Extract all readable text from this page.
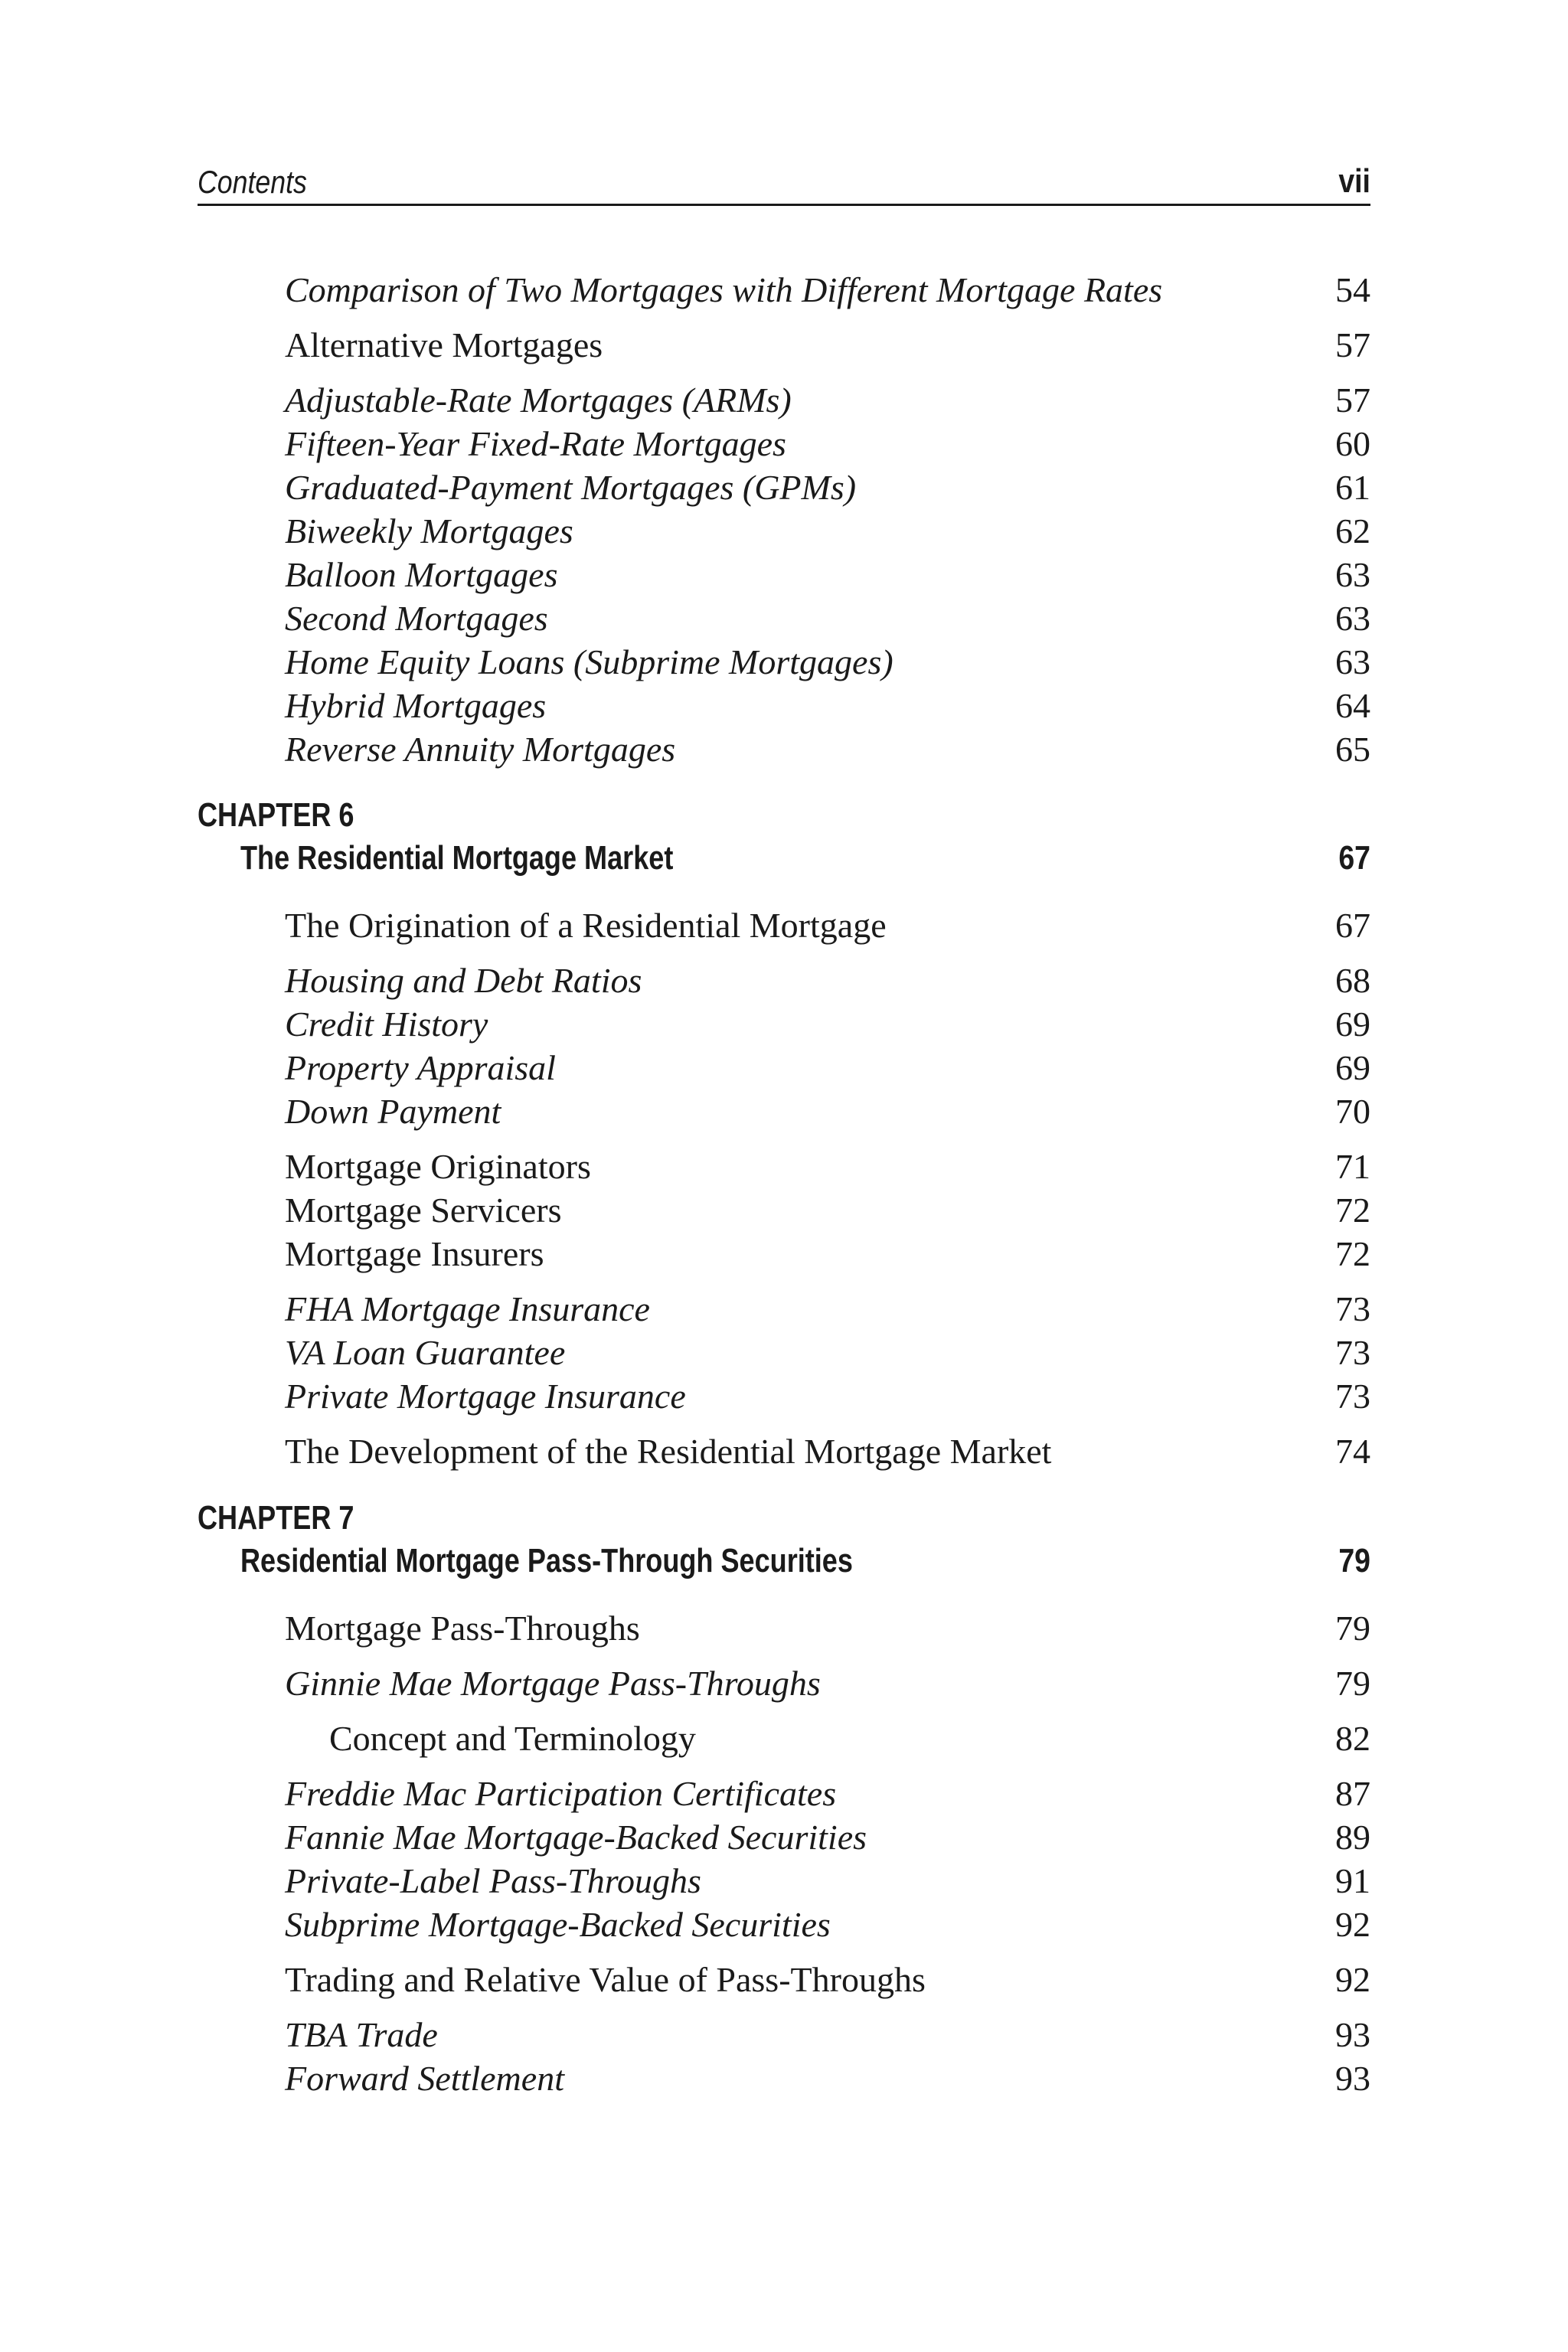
Contents	vii
Comparison of Two Mortgages with Different Mortgage Rates	54
Alternative Mortgages	57
Adjustable-Rate Mortgages (ARMs)	57
Fifteen-Year Fixed-Rate Mortgages	60
Graduated-Payment Mortgages (GPMs)	61
Biweekly Mortgages	62
Balloon Mortgages	63
Second Mortgages	63
Home Equity Loans (Subprime Mortgages)	63
Hybrid Mortgages	64
Reverse Annuity Mortgages	65
CHAPTER 6
The Residential Mortgage Market	67
The Origination of a Residential Mortgage	67
Housing and Debt Ratios	68
Credit History	69
Property Appraisal	69
Down Payment	70
Mortgage Originators	71
Mortgage Servicers	72
Mortgage Insurers	72
FHA Mortgage Insurance	73
VA Loan Guarantee	73
Private Mortgage Insurance	73
The Development of the Residential Mortgage Market	74
CHAPTER 7
Residential Mortgage Pass-Through Securities	79
Mortgage Pass-Throughs	79
Ginnie Mae Mortgage Pass-Throughs	79
Concept and Terminology	82
Freddie Mac Participation Certificates	87
Fannie Mae Mortgage-Backed Securities	89
Private-Label Pass-Throughs	91
Subprime Mortgage-Backed Securities	92
Trading and Relative Value of Pass-Throughs	92
TBA Trade	93
Forward Settlement	93
